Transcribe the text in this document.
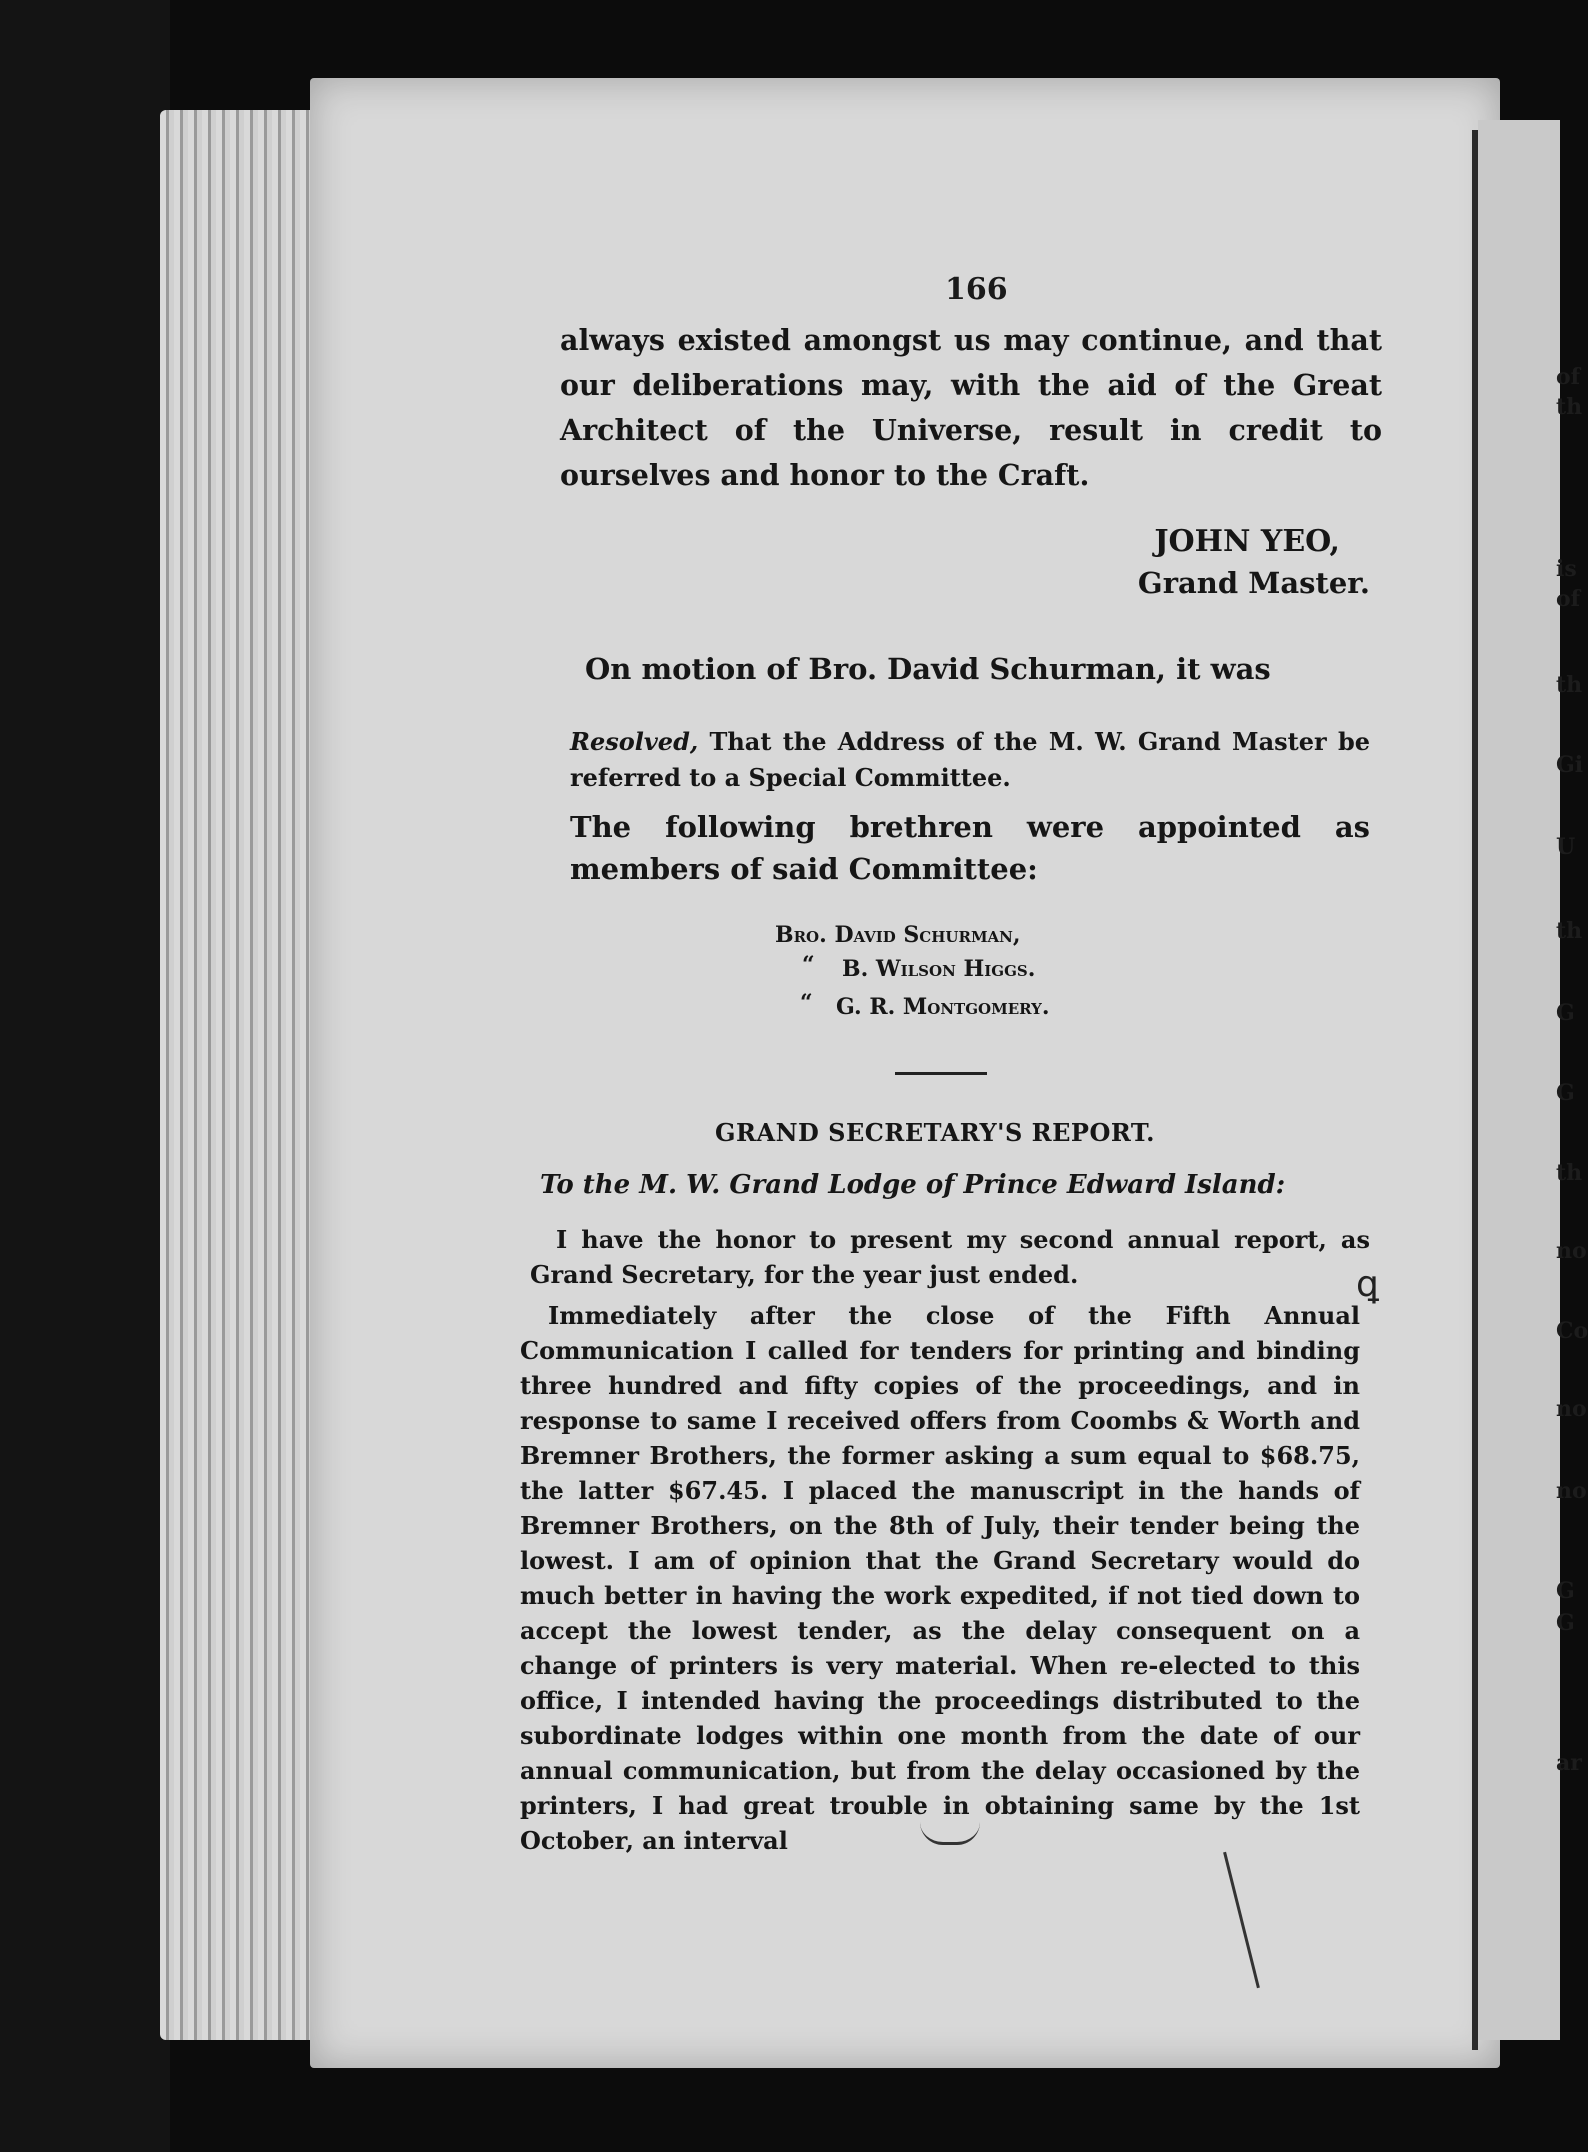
of
th
is
of
th
Gi
U
th
G
G
th
no
Co
no
no
G
G
ar
166
always existed amongst us may continue, and that our deliberations may, with the aid of the Great Architect of the Universe, result in credit to ourselves and honor to the Craft.
JOHN YEO,
Grand Master.
On motion of Bro. David Schurman, it was
Resolved, That the Address of the M. W. Grand Master be referred to a Special Committee.
The following brethren were appointed as members of said Committee:
Bro. David Schurman,
“ B. Wilson Higgs.
“ G. R. Montgomery.
GRAND SECRETARY'S REPORT.
To the M. W. Grand Lodge of Prince Edward Island:
I have the honor to present my second annual report, as Grand Secretary, for the year just ended.
Immediately after the close of the Fifth Annual Communication I called for tenders for printing and binding three hundred and fifty copies of the proceedings, and in response to same I received offers from Coombs & Worth and Bremner Brothers, the former asking a sum equal to $68.75, the latter $67.45. I placed the manuscript in the hands of Bremner Brothers, on the 8th of July, their tender being the lowest. I am of opinion that the Grand Secretary would do much better in having the work expedited, if not tied down to accept the lowest tender, as the delay consequent on a change of printers is very material. When re-elected to this office, I intended having the proceedings distributed to the subordinate lodges within one month from the date of our annual communication, but from the delay occasioned by the printers, I had great trouble in obtaining same by the 1st October, an interval
ꝗ
